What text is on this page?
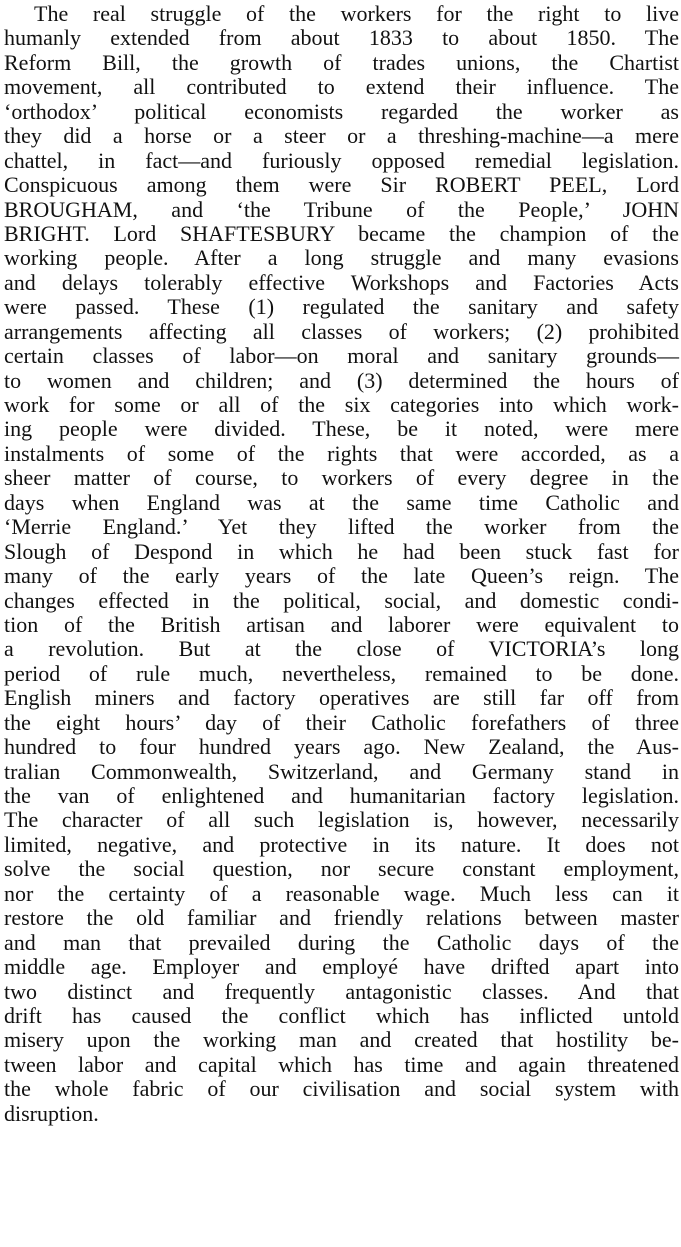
The real struggle of the workers for the right to live
humanly extended from about 1833 to about 1850. The
Reform Bill, the growth of trades unions, the Chartist
movement, all contributed to extend their influence. The
‘orthodox’ political economists regarded the worker as
they did a horse or a steer or a threshing-machine—a mere
chattel, in fact—and furiously opposed remedial legislation.
Conspicuous among them were Sir ROBERT PEEL, Lord
BROUGHAM, and ‘the Tribune of the People,’ JOHN
BRIGHT. Lord SHAFTESBURY became the champion of the
working people. After a long struggle and many evasions
and delays tolerably effective Workshops and Factories Acts
were passed. These (1) regulated the sanitary and safety
arrangements affecting all classes of workers; (2) prohibited
certain classes of labor—on moral and sanitary grounds—
to women and children; and (3) determined the hours of
work for some or all of the six categories into which work-
ing people were divided. These, be it noted, were mere
instalments of some of the rights that were accorded, as a
sheer matter of course, to workers of every degree in the
days when England was at the same time Catholic and
‘Merrie England.’ Yet they lifted the worker from the
Slough of Despond in which he had been stuck fast for
many of the early years of the late Queen’s reign. The
changes effected in the political, social, and domestic condi-
tion of the British artisan and laborer were equivalent to
a revolution. But at the close of VICTORIA’s long
period of rule much, nevertheless, remained to be done.
English miners and factory operatives are still far off from
the eight hours’ day of their Catholic forefathers of three
hundred to four hundred years ago. New Zealand, the Aus-
tralian Commonwealth, Switzerland, and Germany stand in
the van of enlightened and humanitarian factory legislation.
The character of all such legislation is, however, necessarily
limited, negative, and protective in its nature. It does not
solve the social question, nor secure constant employment,
nor the certainty of a reasonable wage. Much less can it
restore the old familiar and friendly relations between master
and man that prevailed during the Catholic days of the
middle age. Employer and employé have drifted apart into
two distinct and frequently antagonistic classes. And that
drift has caused the conflict which has inflicted untold
misery upon the working man and created that hostility be-
tween labor and capital which has time and again threatened
the whole fabric of our civilisation and social system with
disruption.
